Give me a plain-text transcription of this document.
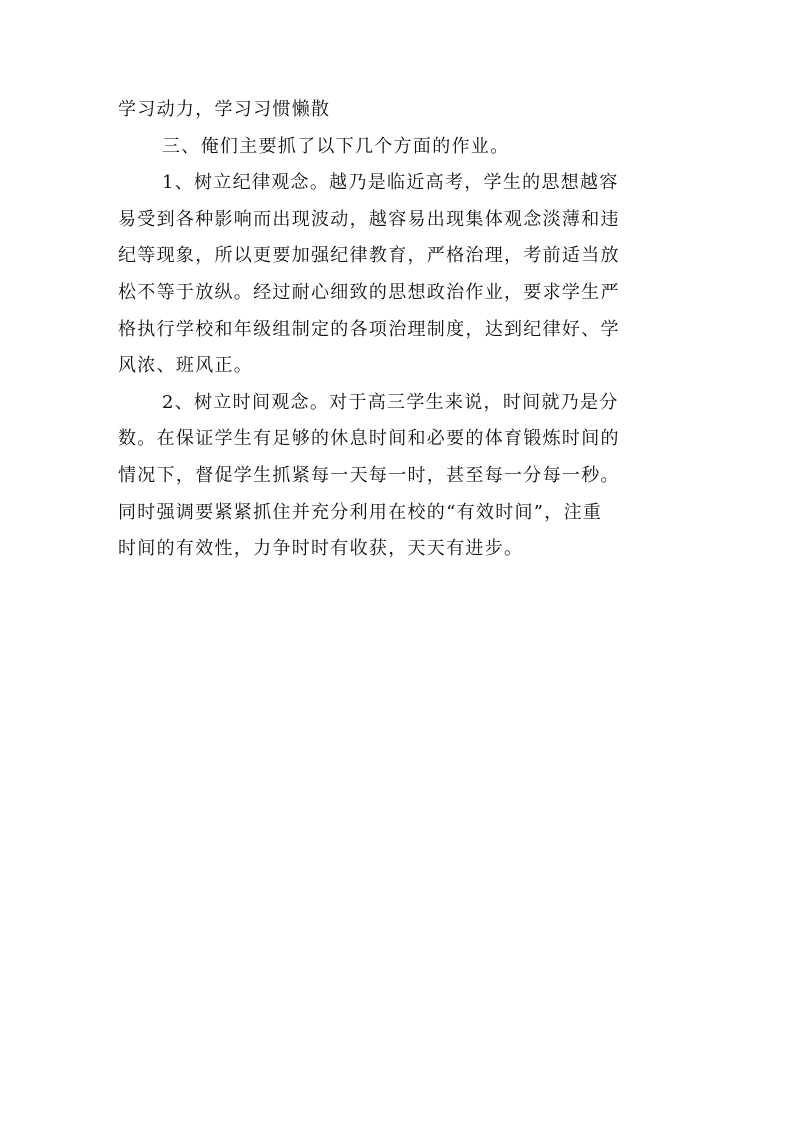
学习动力，学习习惯懒散
三、俺们主要抓了以下几个方面的作业。
1、树立纪律观念。越乃是临近高考，学生的思想越容
易受到各种影响而出现波动，越容易出现集体观念淡薄和违
纪等现象，所以更要加强纪律教育，严格治理，考前适当放
松不等于放纵。经过耐心细致的思想政治作业，要求学生严
格执行学校和年级组制定的各项治理制度，达到纪律好、学
风浓、班风正。
2、树立时间观念。对于高三学生来说，时间就乃是分
数。在保证学生有足够的休息时间和必要的体育锻炼时间的
情况下，督促学生抓紧每一天每一时，甚至每一分每一秒。
同时强调要紧紧抓住并充分利用在校的“有效时间”，注重
时间的有效性，力争时时有收获，天天有进步。
